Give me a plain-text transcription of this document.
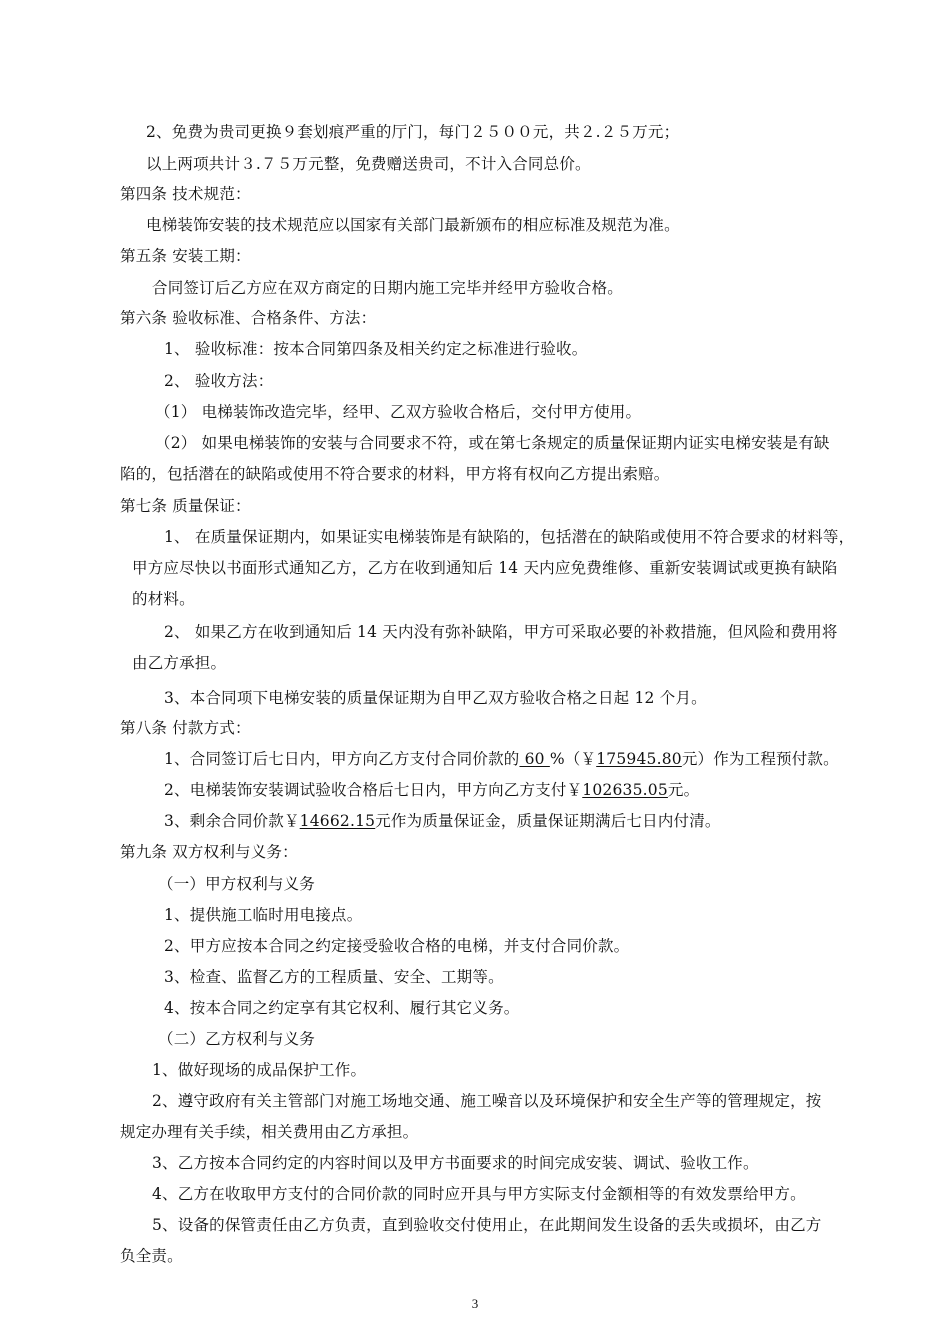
2、免费为贵司更换９套划痕严重的厅门，每门２５００元，共２.２５万元；
以上两项共计３.７５万元整，免费赠送贵司，不计入合同总价。
第四条 技术规范：
电梯装饰安装的技术规范应以国家有关部门最新颁布的相应标准及规范为准。
第五条 安装工期：
合同签订后乙方应在双方商定的日期内施工完毕并经甲方验收合格。
第六条 验收标准、合格条件、方法：
1、 验收标准：按本合同第四条及相关约定之标准进行验收。
2、 验收方法：
（1） 电梯装饰改造完毕，经甲、乙双方验收合格后，交付甲方使用。
（2） 如果电梯装饰的安装与合同要求不符，或在第七条规定的质量保证期内证实电梯安装是有缺
陷的，包括潜在的缺陷或使用不符合要求的材料，甲方将有权向乙方提出索赔。
第七条 质量保证：
1、 在质量保证期内，如果证实电梯装饰是有缺陷的，包括潜在的缺陷或使用不符合要求的材料等，
甲方应尽快以书面形式通知乙方，乙方在收到通知后 14 天内应免费维修、重新安装调试或更换有缺陷
的材料。
2、 如果乙方在收到通知后 14 天内没有弥补缺陷，甲方可采取必要的补救措施，但风险和费用将
由乙方承担。
3、本合同项下电梯安装的质量保证期为自甲乙双方验收合格之日起 12 个月。
第八条 付款方式：
1、合同签订后七日内，甲方向乙方支付合同价款的 60 %（￥175945.80元）作为工程预付款。
2、电梯装饰安装调试验收合格后七日内，甲方向乙方支付￥102635.05元。
3、剩余合同价款￥14662.15元作为质量保证金，质量保证期满后七日内付清。
第九条 双方权利与义务：
（一）甲方权利与义务
1、提供施工临时用电接点。
2、甲方应按本合同之约定接受验收合格的电梯，并支付合同价款。
3、检查、监督乙方的工程质量、安全、工期等。
4、按本合同之约定享有其它权利、履行其它义务。
（二）乙方权利与义务
1、做好现场的成品保护工作。
2、遵守政府有关主管部门对施工场地交通、施工噪音以及环境保护和安全生产等的管理规定，按
规定办理有关手续，相关费用由乙方承担。
3、乙方按本合同约定的内容时间以及甲方书面要求的时间完成安装、调试、验收工作。
4、乙方在收取甲方支付的合同价款的同时应开具与甲方实际支付金额相等的有效发票给甲方。
5、设备的保管责任由乙方负责，直到验收交付使用止，在此期间发生设备的丢失或损坏，由乙方
负全责。
3
